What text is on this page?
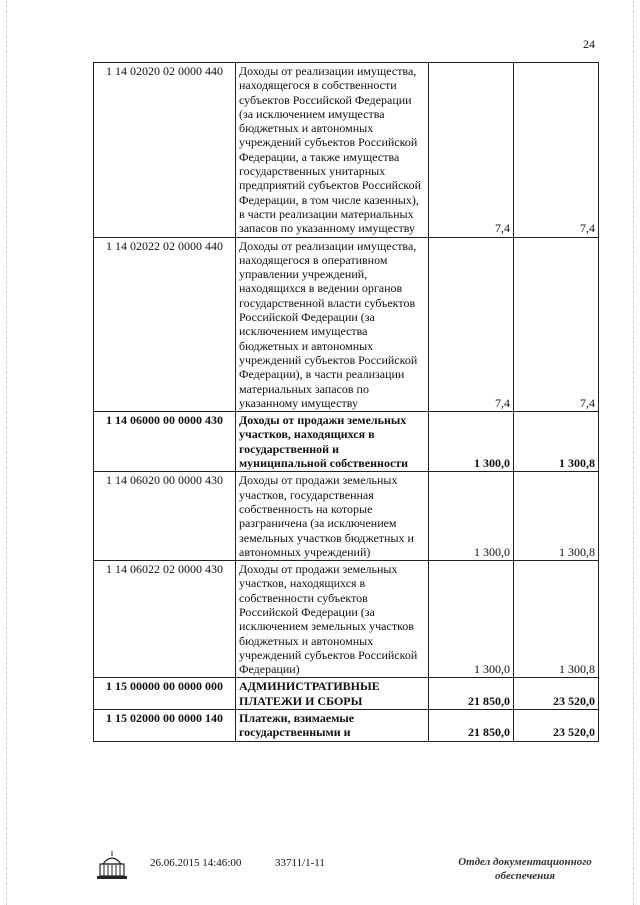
24
1 14 02020 02 0000 440	Доходы от реализации имущества, находящегося в собственности субъектов Российской Федерации (за исключением имущества бюджетных и автономных учреждений субъектов Российской Федерации, а также имущества государственных унитарных предприятий субъектов Российской Федерации, в том числе казенных), в части реализации материальных запасов по указанному имуществу	7,4	7,4
1 14 02022 02 0000 440	Доходы от реализации имущества, находящегося в оперативном управлении учреждений, находящихся в ведении органов государственной власти субъектов Российской Федерации (за исключением имущества бюджетных и автономных учреждений субъектов Российской Федерации), в части реализации материальных запасов по указанному имуществу	7,4	7,4
1 14 06000 00 0000 430	Доходы от продажи земельных участков, находящихся в государственной и муниципальной собственности	1 300,0	1 300,8
1 14 06020 00 0000 430	Доходы от продажи земельных участков, государственная собственность на которые разграничена (за исключением земельных участков бюджетных и автономных учреждений)	1 300,0	1 300,8
1 14 06022 02 0000 430	Доходы от продажи земельных участков, находящихся в собственности субъектов Российской Федерации (за исключением земельных участков бюджетных и автономных учреждений субъектов Российской Федерации)	1 300,0	1 300,8
1 15 00000 00 0000 000	АДМИНИСТРАТИВНЫЕ ПЛАТЕЖИ И СБОРЫ	21 850,0	23 520,0
1 15 02000 00 0000 140	Платежи, взимаемые государственными и	21 850,0	23 520,0
26.06.2015 14:46:00	33711/1-11	Отдел документационного
обеспечения
